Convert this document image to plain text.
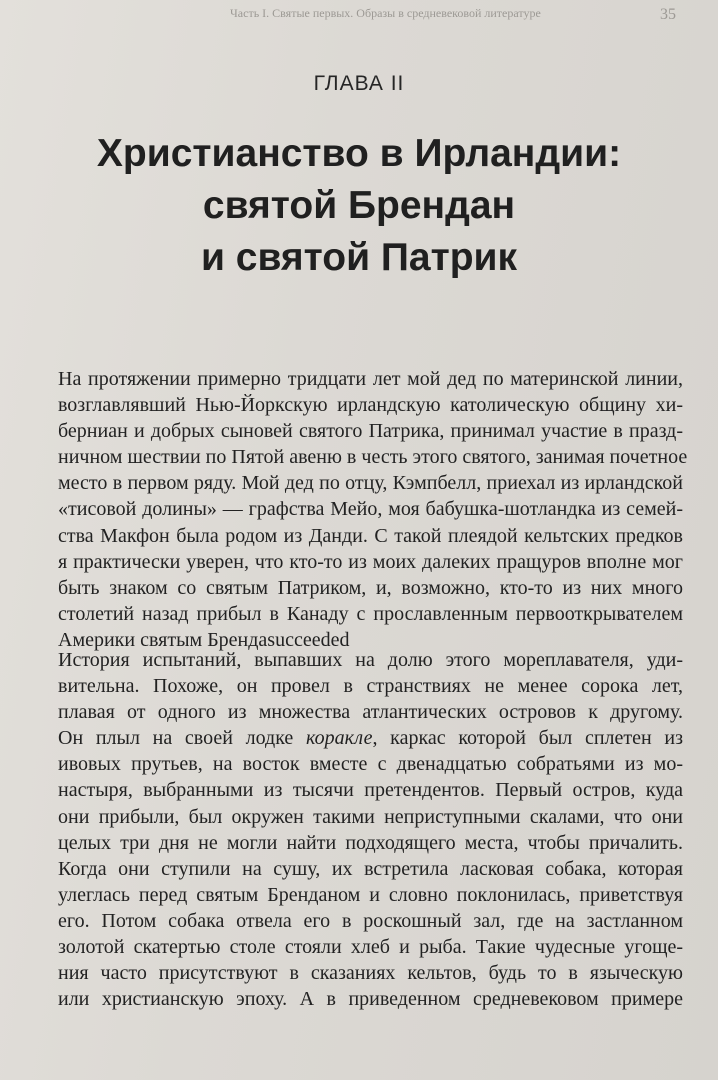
Часть I. Святые первых. Образы в средневековой литературе	35
ГЛАВА II
Христианство в Ирландии:
святой Брендан
и святой Патрик
На протяжении примерно тридцати лет мой дед по материнской линии,
возглавлявший Нью-Йоркскую ирландскую католическую общину хи-
берниан и добрых сыновей святого Патрика, принимал участие в празд-
ничном шествии по Пятой авеню в честь этого святого, занимая почетное
место в первом ряду. Мой дед по отцу, Кэмпбелл, приехал из ирландской
«тисовой долины» — графства Мейо, моя бабушка-шотландка из семей-
ства Макфон была родом из Данди. С такой плеядой кельтских предков
я практически уверен, что кто-то из моих далеких пращуров вполне мог
быть знаком со святым Патриком, и, возможно, кто-то из них много
столетий назад прибыл в Канаду с прославленным первооткрывателем
Америки святым Брендаsucceeded
История испытаний, выпавших на долю этого мореплавателя, уди-
вительна. Похоже, он провел в странствиях не менее сорока лет,
плавая от одного из множества атлантических островов к другому.
Он плыл на своей лодке коракле, каркас которой был сплетен из
ивовых прутьев, на восток вместе с двенадцатью собратьями из мо-
настыря, выбранными из тысячи претендентов. Первый остров, куда
они прибыли, был окружен такими неприступными скалами, что они
целых три дня не могли найти подходящего места, чтобы причалить.
Когда они ступили на сушу, их встретила ласковая собака, которая
улеглась перед святым Бренданом и словно поклонилась, приветствуя
его. Потом собака отвела его в роскошный зал, где на застланном
золотой скатертью столе стояли хлеб и рыба. Такие чудесные угоще-
ния часто присутствуют в сказаниях кельтов, будь то в языческую
или христианскую эпоху. А в приведенном средневековом примере
